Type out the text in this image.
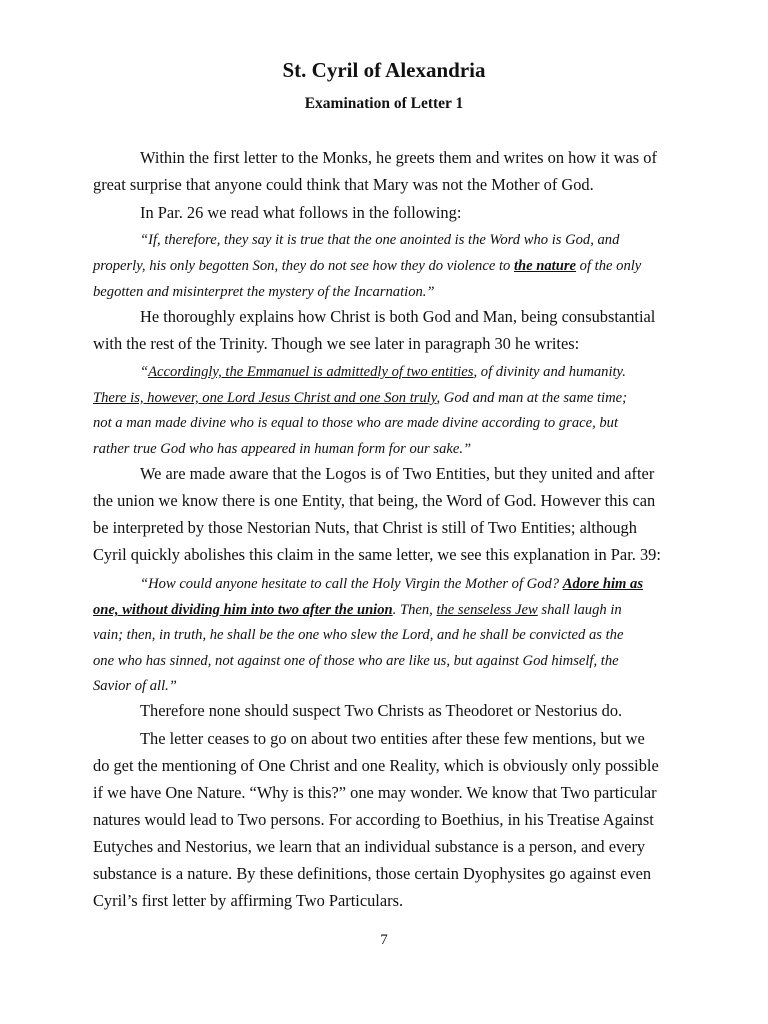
St. Cyril of Alexandria
Examination of Letter 1
Within the first letter to the Monks, he greets them and writes on how it was of
great surprise that anyone could think that Mary was not the Mother of God.
In Par. 26 we read what follows in the following:
“If, therefore, they say it is true that the one anointed is the Word who is God, and
properly, his only begotten Son, they do not see how they do violence to the nature of the only
begotten and misinterpret the mystery of the Incarnation.”
He thoroughly explains how Christ is both God and Man, being consubstantial
with the rest of the Trinity. Though we see later in paragraph 30 he writes:
“Accordingly, the Emmanuel is admittedly of two entities, of divinity and humanity.
There is, however, one Lord Jesus Christ and one Son truly, God and man at the same time;
not a man made divine who is equal to those who are made divine according to grace, but
rather true God who has appeared in human form for our sake.”
We are made aware that the Logos is of Two Entities, but they united and after
the union we know there is one Entity, that being, the Word of God. However this can
be interpreted by those Nestorian Nuts, that Christ is still of Two Entities; although
Cyril quickly abolishes this claim in the same letter, we see this explanation in Par. 39:
“How could anyone hesitate to call the Holy Virgin the Mother of God? Adore him as
one, without dividing him into two after the union. Then, the senseless Jew shall laugh in
vain; then, in truth, he shall be the one who slew the Lord, and he shall be convicted as the
one who has sinned, not against one of those who are like us, but against God himself, the
Savior of all.”
Therefore none should suspect Two Christs as Theodoret or Nestorius do.
The letter ceases to go on about two entities after these few mentions, but we
do get the mentioning of One Christ and one Reality, which is obviously only possible
if we have One Nature. “Why is this?” one may wonder. We know that Two particular
natures would lead to Two persons. For according to Boethius, in his Treatise Against
Eutyches and Nestorius, we learn that an individual substance is a person, and every
substance is a nature. By these definitions, those certain Dyophysites go against even
Cyril’s first letter by affirming Two Particulars.
7
